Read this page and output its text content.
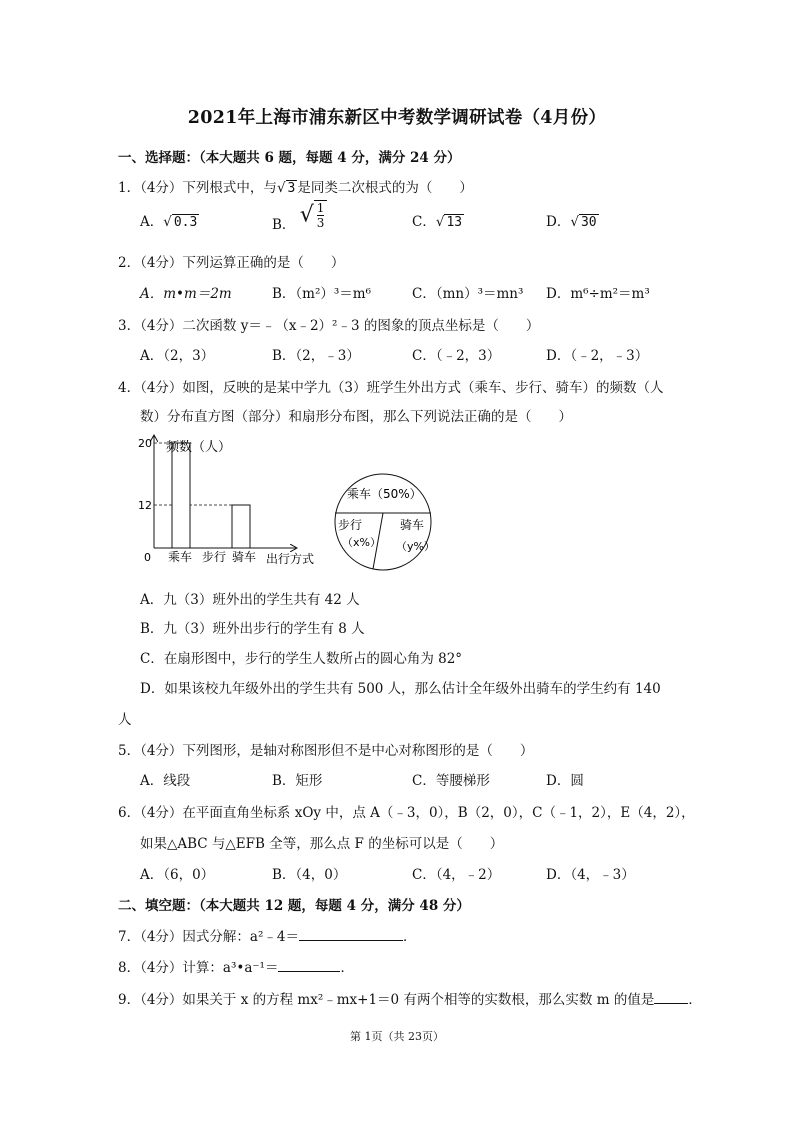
2021年上海市浦东新区中考数学调研试卷（4月份）
一、选择题：（本大题共 6 题，每题 4 分，满分 24 分）
1．（4分）下列根式中，与√ 3 是同类二次根式的为（　　）
A．√ 0.3	B． √ $\frac{1}{3}$	C．√ 13	D．√ 30
2．（4分）下列运算正确的是（　　）
A．m•m＝2m	B．（m²）³＝m⁶	C．（mn）³＝mn³ D．m⁶÷m²＝m³
3．（4分）二次函数 y＝﹣（x﹣2）²﹣3 的图象的顶点坐标是（　　）
A．（2，3）	B．（2，﹣3）	C．（﹣2，3）	D．（﹣2，﹣3）
4．（4分）如图，反映的是某中学九（3）班学生外出方式（乘车、步行、骑车）的频数（人
数）分布直方图（部分）和扇形分布图，那么下列说法正确的是（　　）
频数（人）
20
12
0 乘车 步行 骑车 出行方式
乘车（50%）
步行
（x%）
骑车
（y%）
A．九（3）班外出的学生共有 42 人
B．九（3）班外出步行的学生有 8 人
C．在扇形图中，步行的学生人数所占的圆心角为 82°
D．如果该校九年级外出的学生共有 500 人，那么估计全年级外出骑车的学生约有 140
人
5．（4分）下列图形，是轴对称图形但不是中心对称图形的是（　　）
A．线段	B．矩形	C．等腰梯形	D．圆
6．（4分）在平面直角坐标系 xOy 中，点 A（﹣3，0），B（2，0），C（﹣1，2），E（4，2），
如果△ABC 与△EFB 全等，那么点 F 的坐标可以是（　　）
A．（6，0）	B．（4，0）	C．（4，﹣2）	D．（4，﹣3）
二、填空题：（本大题共 12 题，每题 4 分，满分 48 分）
7．（4分）因式分解：a²﹣4＝	．
8．（4分）计算：a³•a⁻¹＝	．
9．（4分）如果关于 x 的方程 mx²﹣mx+1＝0 有两个相等的实数根，那么实数 m 的值是	．
第 1页（共 23页）
